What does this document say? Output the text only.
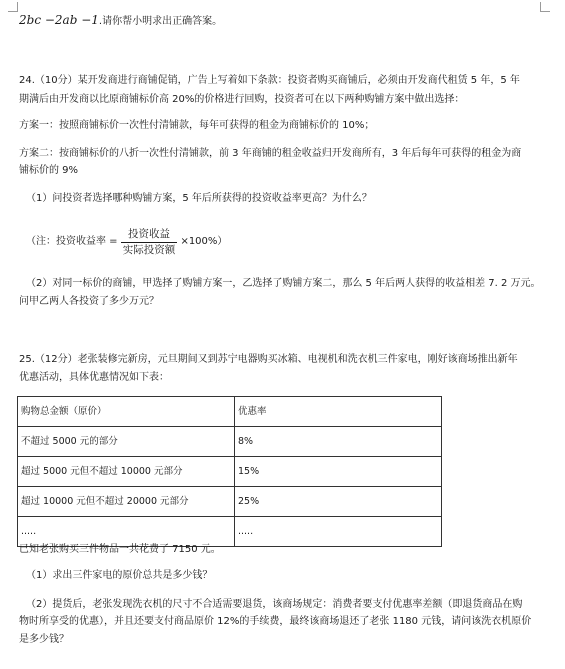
2bc −2ab −1.请你帮小明求出正确答案。
24.（10分）某开发商进行商铺促销，广告上写着如下条款：投资者购买商铺后，必须由开发商代租赁 5 年，5 年
期满后由开发商以比原商铺标价高 20%的价格进行回购，投资者可在以下两种购铺方案中做出选择：
方案一：按照商铺标价一次性付清铺款，每年可获得的租金为商铺标价的 10%；
方案二：按商铺标价的八折一次性付清铺款，前 3 年商铺的租金收益归开发商所有，3 年后每年可获得的租金为商
铺标价的 9%
（1）问投资者选择哪种购铺方案，5 年后所获得的投资收益率更高？为什么？
（注：投资收益率 = $\frac{\text{投资收益}}{\text{实际投资额}} \times 100\%$）
（2）对同一标价的商铺，甲选择了购铺方案一，乙选择了购铺方案二，那么 5 年后两人获得的收益相差 7. 2 万元。
问甲乙两人各投资了多少万元？
25.（12分）老张装修完新房，元旦期间又到苏宁电器购买冰箱、电视机和洗衣机三件家电，刚好该商场推出新年
优惠活动，具体优惠情况如下表：
购物总金额（原价）	优惠率
不超过 5000 元的部分	8%
超过 5000 元但不超过 10000 元部分	15%
超过 10000 元但不超过 20000 元部分	25%
.....	.....
已知老张购买三件物品一共花费了 7150 元。
（1）求出三件家电的原价总共是多少钱？
（2）提货后，老张发现洗衣机的尺寸不合适需要退货，该商场规定：消费者要支付优惠率差额（即退货商品在购
物时所享受的优惠），并且还要支付商品原价 12%的手续费，最终该商场退还了老张 1180 元钱，请问该洗衣机原价
是多少钱？
